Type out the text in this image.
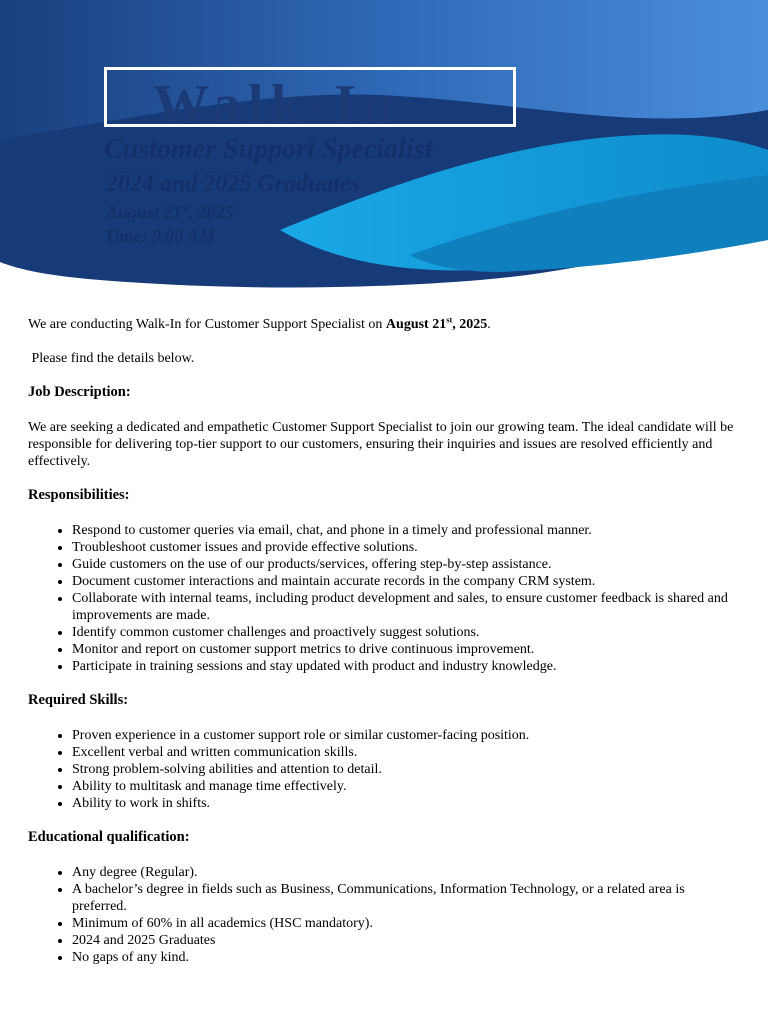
Walk-In
Customer Support Specialist
2024 and 2025 Graduates
August 21st, 2025
Time: 9.00 AM

We are conducting Walk-In for Customer Support Specialist on August 21st, 2025.

Please find the details below.

Job Description:

We are seeking a dedicated and empathetic Customer Support Specialist to join our growing team. The ideal candidate will be responsible for delivering top-tier support to our customers, ensuring their inquiries and issues are resolved efficiently and effectively.

Responsibilities:

• Respond to customer queries via email, chat, and phone in a timely and professional manner.
• Troubleshoot customer issues and provide effective solutions.
• Guide customers on the use of our products/services, offering step-by-step assistance.
• Document customer interactions and maintain accurate records in the company CRM system.
• Collaborate with internal teams, including product development and sales, to ensure customer feedback is shared and improvements are made.
• Identify common customer challenges and proactively suggest solutions.
• Monitor and report on customer support metrics to drive continuous improvement.
• Participate in training sessions and stay updated with product and industry knowledge.

Required Skills:

• Proven experience in a customer support role or similar customer-facing position.
• Excellent verbal and written communication skills.
• Strong problem-solving abilities and attention to detail.
• Ability to multitask and manage time effectively.
• Ability to work in shifts.

Educational qualification:

• Any degree (Regular).
• A bachelor’s degree in fields such as Business, Communications, Information Technology, or a related area is preferred.
• Minimum of 60% in all academics (HSC mandatory).
• 2024 and 2025 Graduates
• No gaps of any kind.
